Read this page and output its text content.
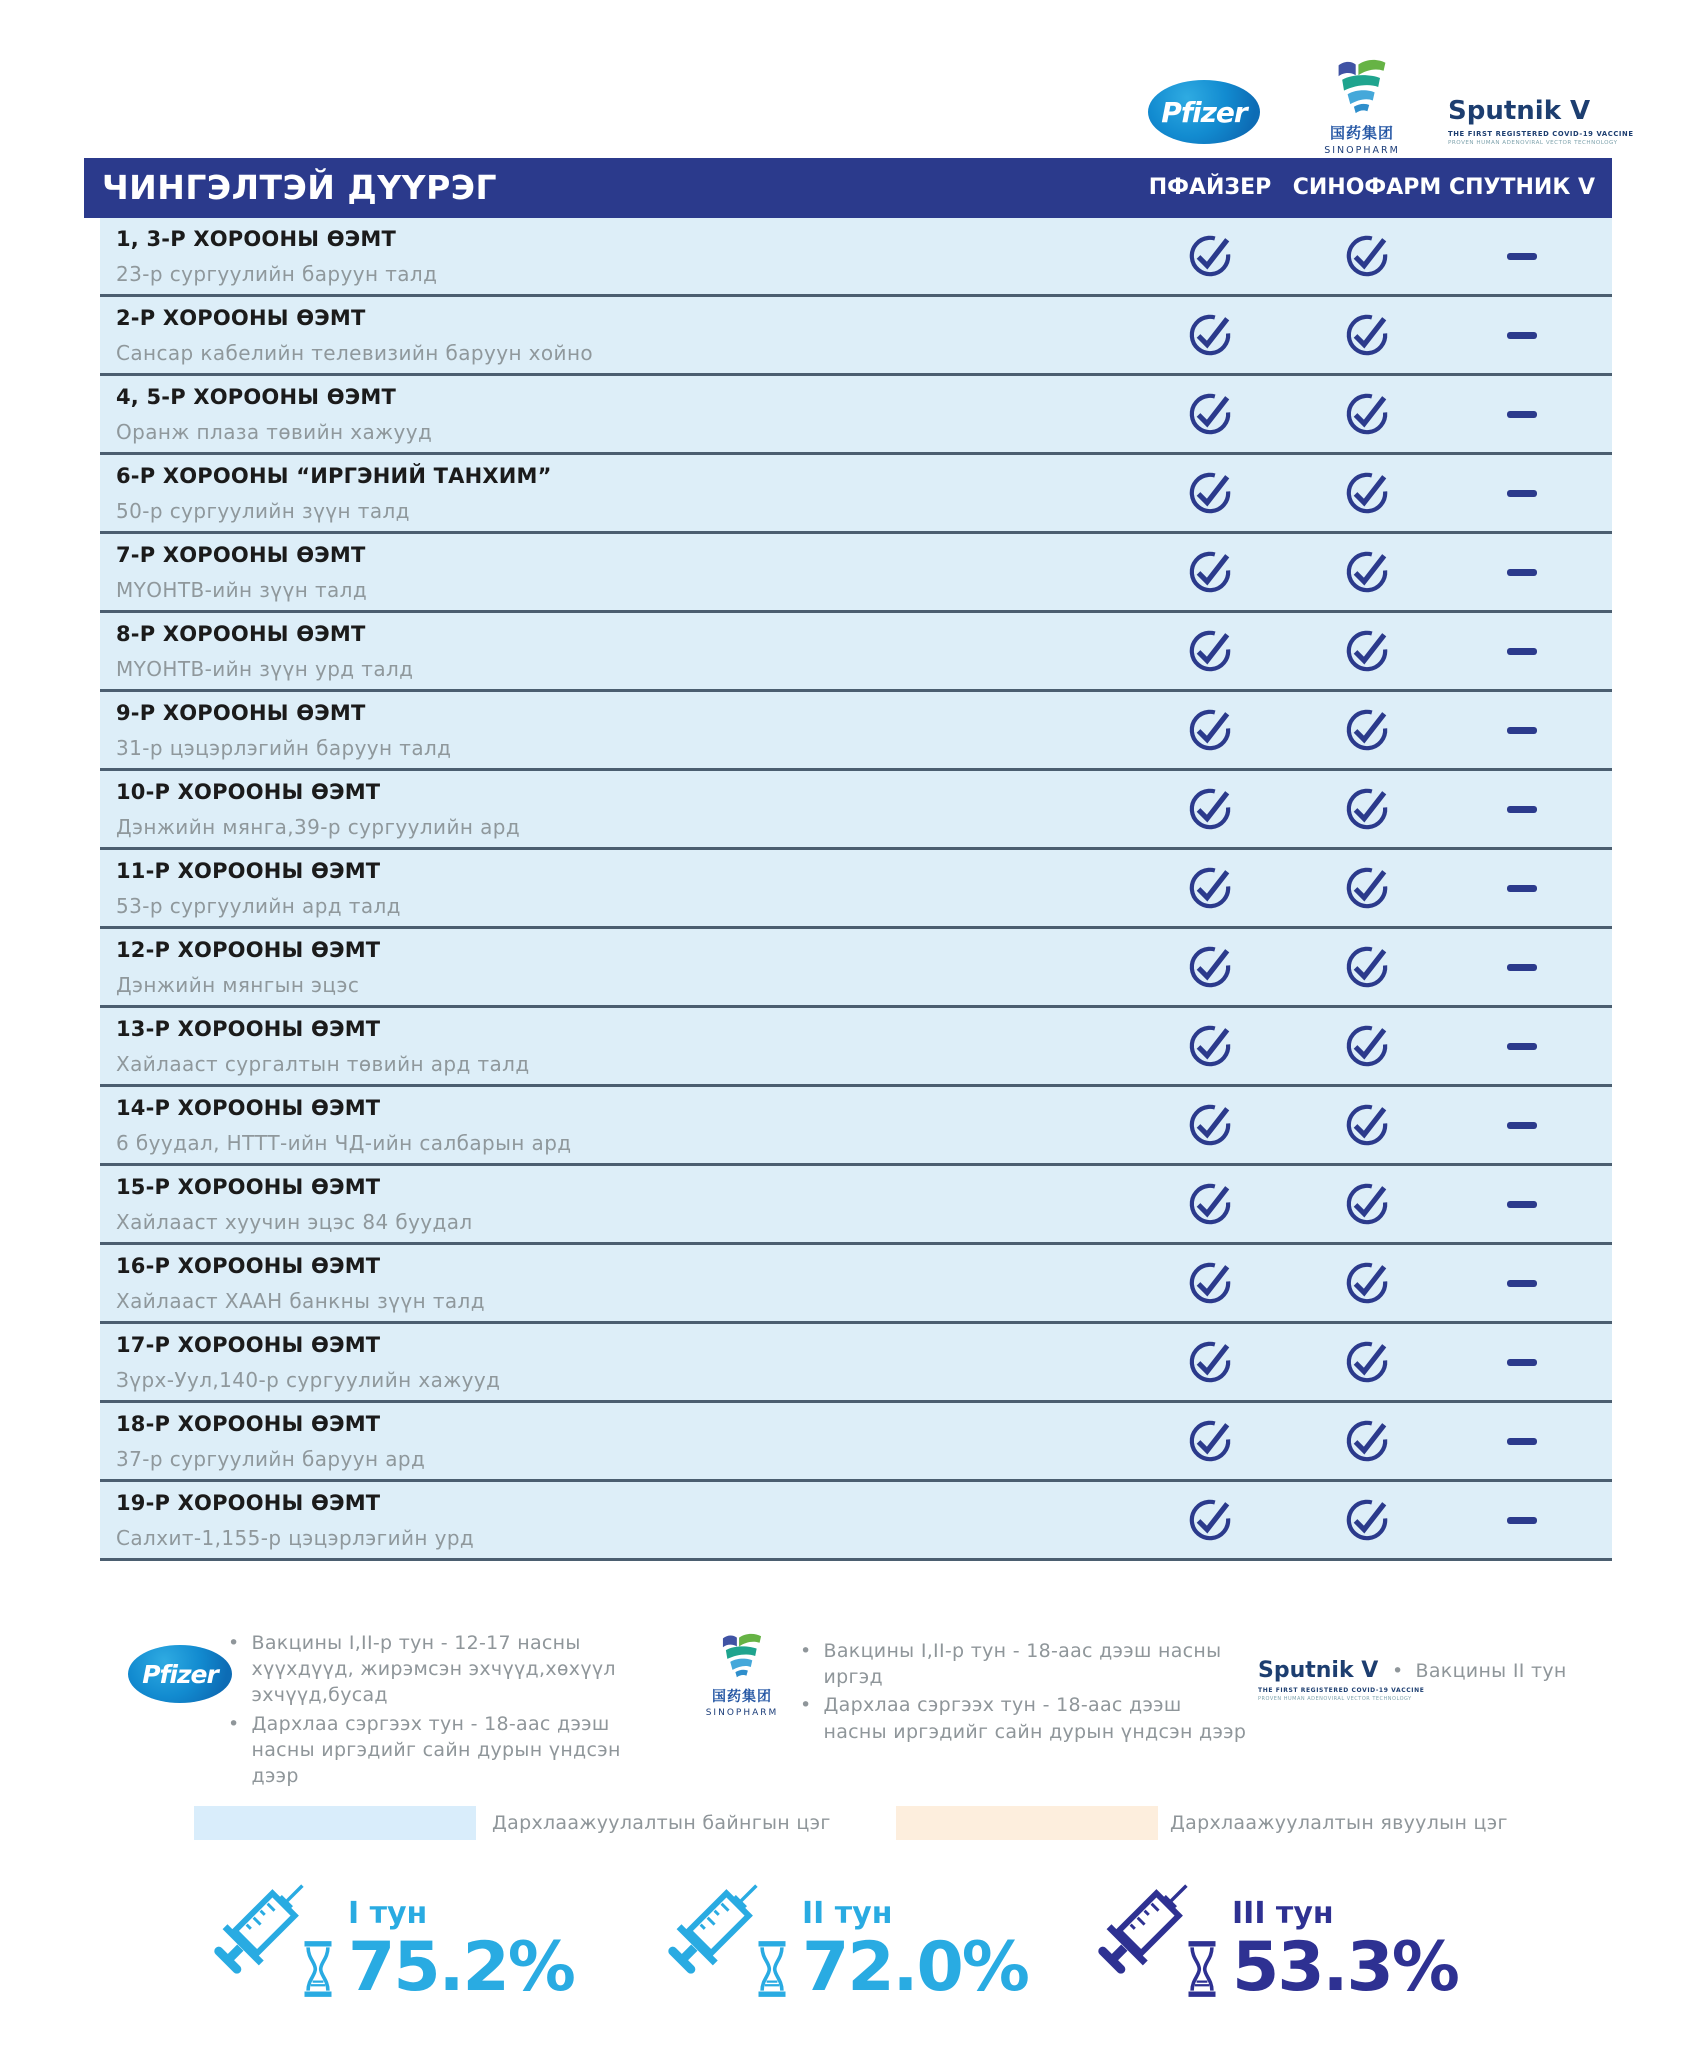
Pfizer
国药集团
SINOPHARM
Sputnik V
THE FIRST REGISTERED COVID-19 VACCINE
PROVEN HUMAN ADENOVIRAL VECTOR TECHNOLOGY
ЧИНГЭЛТЭЙ ДҮҮРЭГ	ПФАЙЗЕР СИНОФАРМ СПУТНИК V
1, 3-Р ХОРООНЫ ӨЭМТ
23-р сургуулийн баруун талд
2-Р ХОРООНЫ ӨЭМТ
Сансар кабелийн телевизийн баруун хойно
4, 5-Р ХОРООНЫ ӨЭМТ
Оранж плаза төвийн хажууд
6-Р ХОРООНЫ “ИРГЭНИЙ ТАНХИМ”
50-р сургуулийн зүүн талд
7-Р ХОРООНЫ ӨЭМТ
МҮОНТВ-ийн зүүн талд
8-Р ХОРООНЫ ӨЭМТ
МҮОНТВ-ийн зүүн урд талд
9-Р ХОРООНЫ ӨЭМТ
31-р цэцэрлэгийн баруун талд
10-Р ХОРООНЫ ӨЭМТ
Дэнжийн мянга,39-р сургуулийн ард
11-Р ХОРООНЫ ӨЭМТ
53-р сургуулийн ард талд
12-Р ХОРООНЫ ӨЭМТ
Дэнжийн мянгын эцэс
13-Р ХОРООНЫ ӨЭМТ
Хайлааст сургалтын төвийн ард талд
14-Р ХОРООНЫ ӨЭМТ
6 буудал, НТТТ-ийн ЧД-ийн салбарын ард
15-Р ХОРООНЫ ӨЭМТ
Хайлааст хуучин эцэс 84 буудал
16-Р ХОРООНЫ ӨЭМТ
Хайлааст ХААН банкны зүүн талд
17-Р ХОРООНЫ ӨЭМТ
Зүрх-Уул,140-р сургуулийн хажууд
18-Р ХОРООНЫ ӨЭМТ
37-р сургуулийн баруун ард
19-Р ХОРООНЫ ӨЭМТ
Салхит-1,155-р цэцэрлэгийн урд
Pfizer
• Вакцины I,II-р тун - 12-17 насны хүүхдүүд, жирэмсэн эхчүүд,хөхүүл эхчүүд,бусад
• Дархлаа сэргээх тун - 18-аас дээш насны иргэдийг сайн дурын үндсэн дээр
国药集团
SINOPHARM
• Вакцины I,II-р тун - 18-аас дээш насны иргэд
• Дархлаа сэргээх тун - 18-аас дээш насны иргэдийг сайн дурын үндсэн дээр
Sputnik V
THE FIRST REGISTERED COVID-19 VACCINE
PROVEN HUMAN ADENOVIRAL VECTOR TECHNOLOGY
• Вакцины II тун
Дархлаажуулалтын байнгын цэг	Дархлаажуулалтын явуулын цэг
I тун
75.2%
II тун
72.0%
III тун
53.3%
